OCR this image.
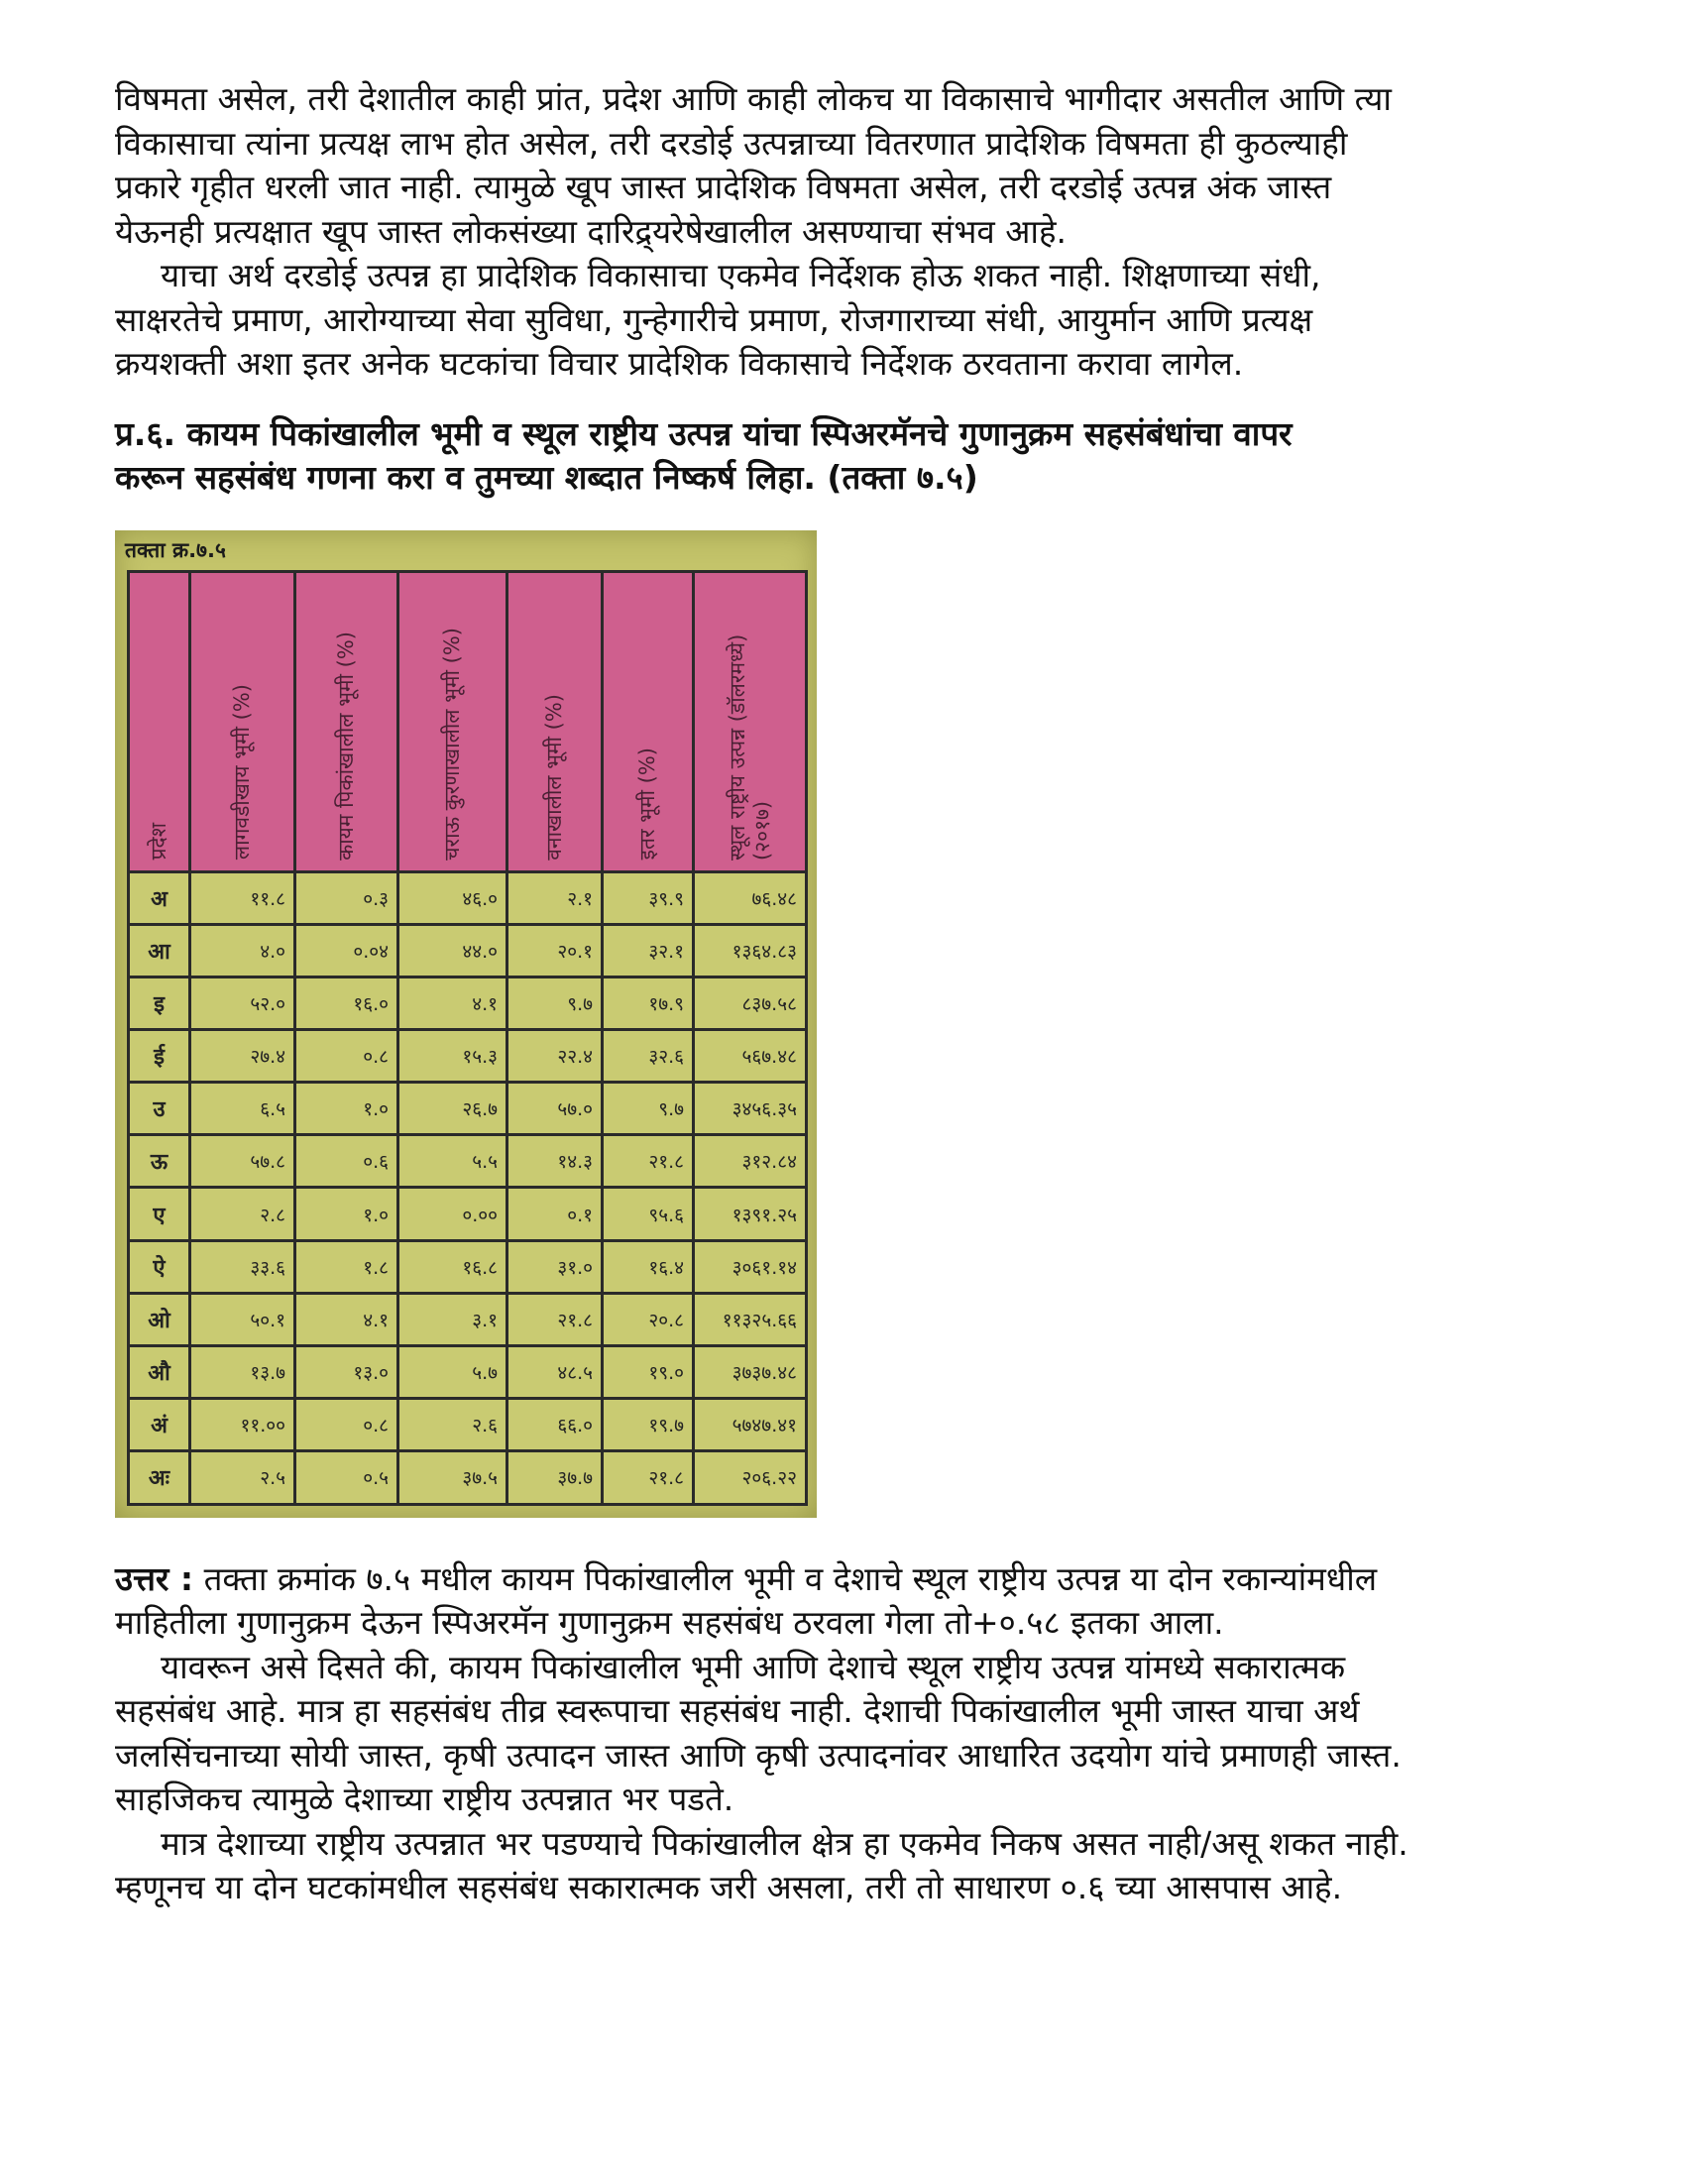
विषमता असेल, तरी देशातील काही प्रांत, प्रदेश आणि काही लोकच या विकासाचे भागीदार असतील आणि त्या
विकासाचा त्यांना प्रत्यक्ष लाभ होत असेल, तरी दरडोई उत्पन्नाच्या वितरणात प्रादेशिक विषमता ही कुठल्याही
प्रकारे गृहीत धरली जात नाही. त्यामुळे खूप जास्त प्रादेशिक विषमता असेल, तरी दरडोई उत्पन्न अंक जास्त
येऊनही प्रत्यक्षात खूप जास्त लोकसंख्या दारिद्र्यरेषेखालील असण्याचा संभव आहे.

याचा अर्थ दरडोई उत्पन्न हा प्रादेशिक विकासाचा एकमेव निर्देशक होऊ शकत नाही. शिक्षणाच्या संधी,
साक्षरतेचे प्रमाण, आरोग्याच्या सेवा सुविधा, गुन्हेगारीचे प्रमाण, रोजगाराच्या संधी, आयुर्मान आणि प्रत्यक्ष
क्रयशक्ती अशा इतर अनेक घटकांचा विचार प्रादेशिक विकासाचे निर्देशक ठरवताना करावा लागेल.

प्र.६. कायम पिकांखालील भूमी व स्थूल राष्ट्रीय उत्पन्न यांचा स्पिअरमॅनचे गुणानुक्रम सहसंबंधांचा वापर
करून सहसंबंध गणना करा व तुमच्या शब्दात निष्कर्ष लिहा. (तक्ता ७.५)

तक्ता क्र.७.५
प्रदेश	लागवडीखाय भूमी (%)	कायम पिकांखालील भूमी (%)	चराऊ कुरणाखालील भूमी (%)	वनाखालील भूमी (%)	इतर भूमी (%)	स्थूल राष्ट्रीय उत्पन्न (डॉलरमध्ये) (२०१७)

अ	११.८	०.३	४६.०	२.१	३९.९	७६.४८
आ	४.०	०.०४	४४.०	२०.१	३२.१	१३६४.८३
इ	५२.०	१६.०	४.१	९.७	१७.९	८३७.५८
ई	२७.४	०.८	१५.३	२२.४	३२.६	५६७.४८
उ	६.५	१.०	२६.७	५७.०	९.७	३४५६.३५
ऊ	५७.८	०.६	५.५	१४.३	२१.८	३१२.८४
ए	२.८	१.०	०.००	०.१	९५.६	१३९१.२५
ऐ	३३.६	१.८	१६.८	३१.०	१६.४	३०६१.१४
ओ	५०.१	४.१	३.१	२१.८	२०.८	११३२५.६६
औ	१३.७	१३.०	५.७	४८.५	१९.०	३७३७.४८
अं	११.००	०.८	२.६	६६.०	१९.७	५७४७.४१
अः	२.५	०.५	३७.५	३७.७	२१.८	२०६.२२

उत्तर : तक्ता क्रमांक ७.५ मधील कायम पिकांखालील भूमी व देशाचे स्थूल राष्ट्रीय उत्पन्न या दोन रकान्यांमधील
माहितीला गुणानुक्रम देऊन स्पिअरमॅन गुणानुक्रम सहसंबंध ठरवला गेला तो+०.५८ इतका आला.

यावरून असे दिसते की, कायम पिकांखालील भूमी आणि देशाचे स्थूल राष्ट्रीय उत्पन्न यांमध्ये सकारात्मक
सहसंबंध आहे. मात्र हा सहसंबंध तीव्र स्वरूपाचा सहसंबंध नाही. देशाची पिकांखालील भूमी जास्त याचा अर्थ
जलसिंचनाच्या सोयी जास्त, कृषी उत्पादन जास्त आणि कृषी उत्पादनांवर आधारित उदयोग यांचे प्रमाणही जास्त.
साहजिकच त्यामुळे देशाच्या राष्ट्रीय उत्पन्नात भर पडते.

मात्र देशाच्या राष्ट्रीय उत्पन्नात भर पडण्याचे पिकांखालील क्षेत्र हा एकमेव निकष असत नाही/असू शकत नाही.
म्हणूनच या दोन घटकांमधील सहसंबंध सकारात्मक जरी असला, तरी तो साधारण ०.६ च्या आसपास आहे.
